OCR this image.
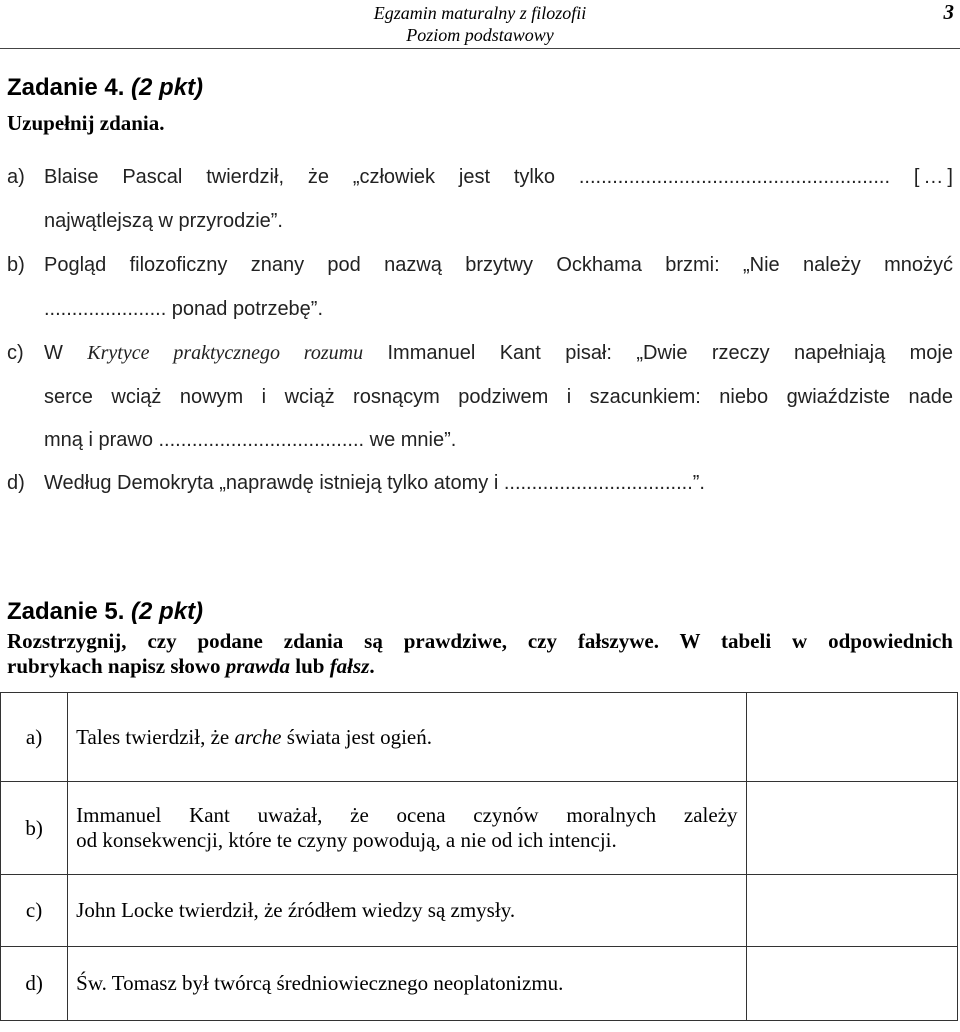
Egzamin maturalny z filozofii
Poziom podstawowy
3
Zadanie 4. (2 pkt)
Uzupełnij zdania.
a) Blaise Pascal twierdził, że „człowiek jest tylko ........................................................ [ … ]
najwątlejszą w przyrodzie”.
b) Pogląd filozoficzny znany pod nazwą brzytwy Ockhama brzmi: „Nie należy mnożyć
...................... ponad potrzebę”.
c) W Krytyce praktycznego rozumu Immanuel Kant pisał: „Dwie rzeczy napełniają moje
serce wciąż nowym i wciąż rosnącym podziwem i szacunkiem: niebo gwiaździste nade
mną i prawo ..................................... we mnie”.
d) Według Demokryta „naprawdę istnieją tylko atomy i ..................................”.
Zadanie 5. (2 pkt)
Rozstrzygnij, czy podane zdania są prawdziwe, czy fałszywe. W tabeli w odpowiednich
rubrykach napisz słowo prawda lub fałsz.
a)	Tales twierdził, że arche świata jest ogień.	
b)	Immanuel Kant uważał, że ocena czynów moralnych zależy
od konsekwencji, które te czyny powodują, a nie od ich intencji.	

c)	John Locke twierdził, że źródłem wiedzy są zmysły.	
d)	Św. Tomasz był twórcą średniowiecznego neoplatonizmu.	
